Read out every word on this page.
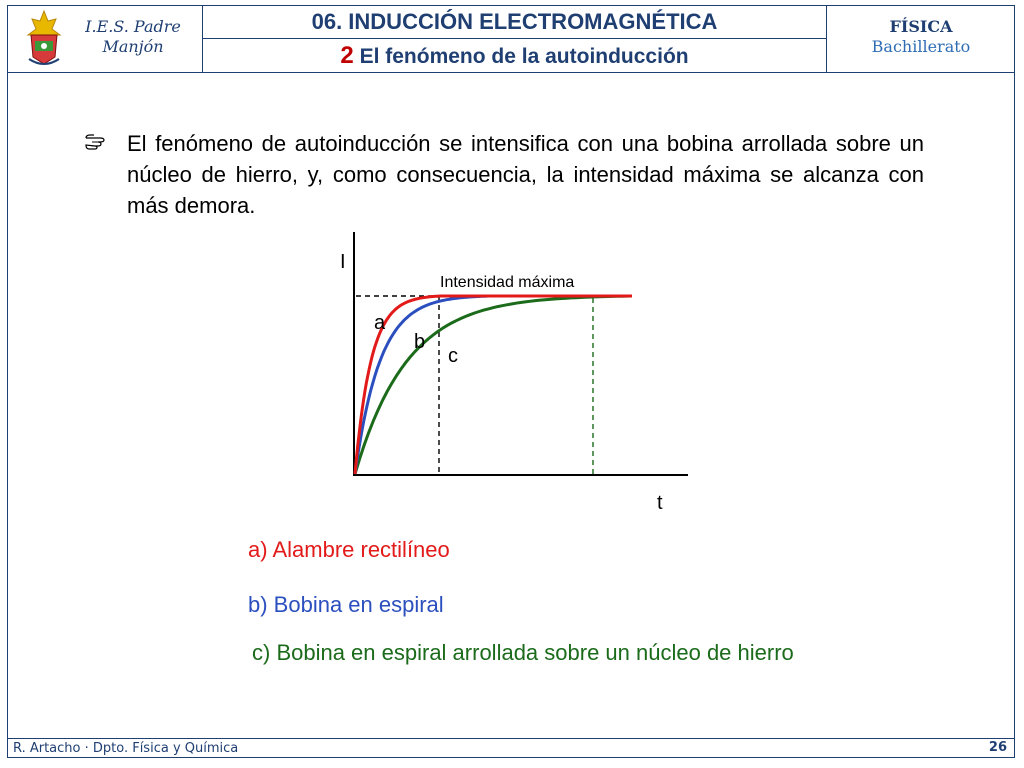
I.E.S. Padre Manjón
06. INDUCCIÓN ELECTROMAGNÉTICA
2 El fenómeno de la autoinducción
FÍSICA
Bachillerato
El fenómeno de autoinducción se intensifica con una bobina arrollada sobre un núcleo de hierro, y, como consecuencia, la intensidad máxima se alcanza con más demora.
I
t
Intensidad máxima
a
b
c
a) Alambre rectilíneo
b) Bobina en espiral
c) Bobina en espiral arrollada sobre un núcleo de hierro
R. Artacho · Dpto. Física y Química	26
